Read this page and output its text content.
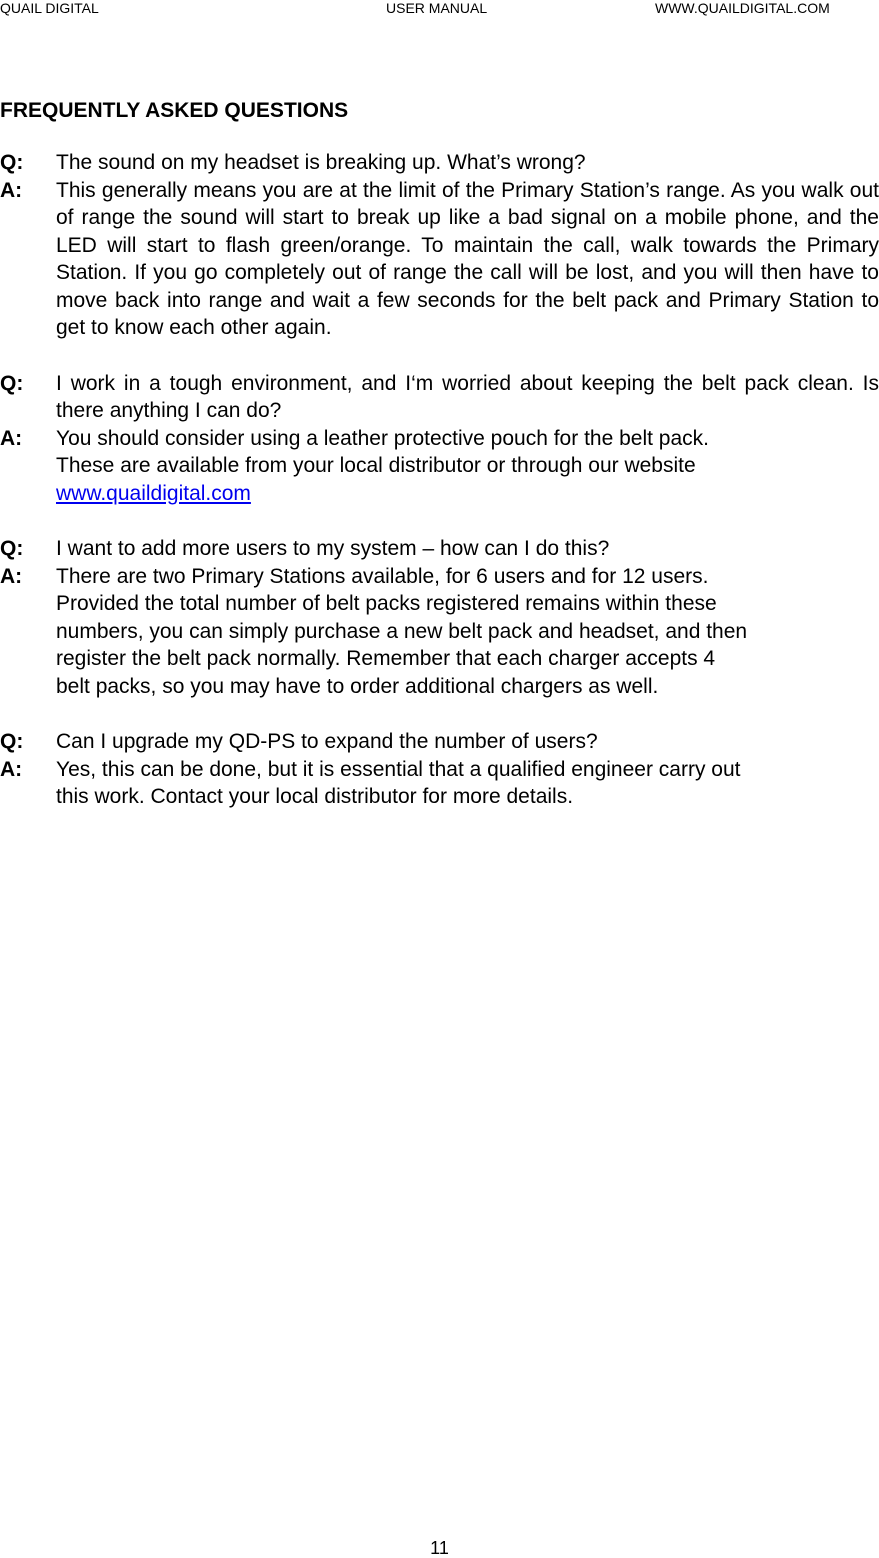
QUAIL DIGITAL	USER MANUAL	WWW.QUAILDIGITAL.COM
FREQUENTLY ASKED QUESTIONS
Q:	The sound on my headset is breaking up. What’s wrong?
A:	This generally means you are at the limit of the Primary Station’s range. As you walk out of range the sound will start to break up like a bad signal on a mobile phone, and the LED will start to flash green/orange. To maintain the call, walk towards the Primary Station. If you go completely out of range the call will be lost, and you will then have to move back into range and wait a few seconds for the belt pack and Primary Station to get to know each other again.
Q:	I work in a tough environment, and I‘m worried about keeping the belt pack clean. Is there anything I can do?
A:	You should consider using a leather protective pouch for the belt pack.
These are available from your local distributor or through our website
www.quaildigital.com
Q:	I want to add more users to my system – how can I do this?
A:	There are two Primary Stations available, for 6 users and for 12 users.
Provided the total number of belt packs registered remains within these
numbers, you can simply purchase a new belt pack and headset, and then
register the belt pack normally. Remember that each charger accepts 4
belt packs, so you may have to order additional chargers as well.
Q:	Can I upgrade my QD-PS to expand the number of users?
A:	Yes, this can be done, but it is essential that a qualified engineer carry out
this work. Contact your local distributor for more details.
11
